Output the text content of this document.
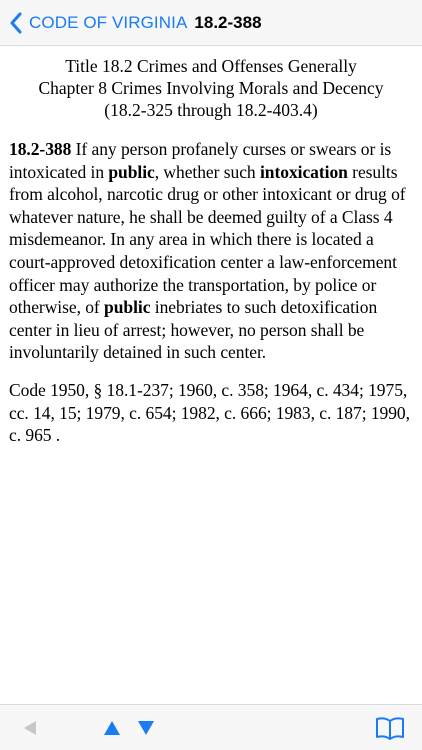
CODE OF VIRGINIA 18.2-388
Title 18.2 Crimes and Offenses Generally
Chapter 8 Crimes Involving Morals and Decency
(18.2-325 through 18.2-403.4)

18.2-388 If any person profanely curses or swears or is intoxicated in public, whether such intoxication results from alcohol, narcotic drug or other intoxicant or drug of whatever nature, he shall be deemed guilty of a Class 4 misdemeanor. In any area in which there is located a court-approved detoxification center a law-enforcement officer may authorize the transportation, by police or otherwise, of public inebriates to such detoxification center in lieu of arrest; however, no person shall be involuntarily detained in such center.

Code 1950, § 18.1-237; 1960, c. 358; 1964, c. 434; 1975, cc. 14, 15; 1979, c. 654; 1982, c. 666; 1983, c. 187; 1990, c. 965 .
